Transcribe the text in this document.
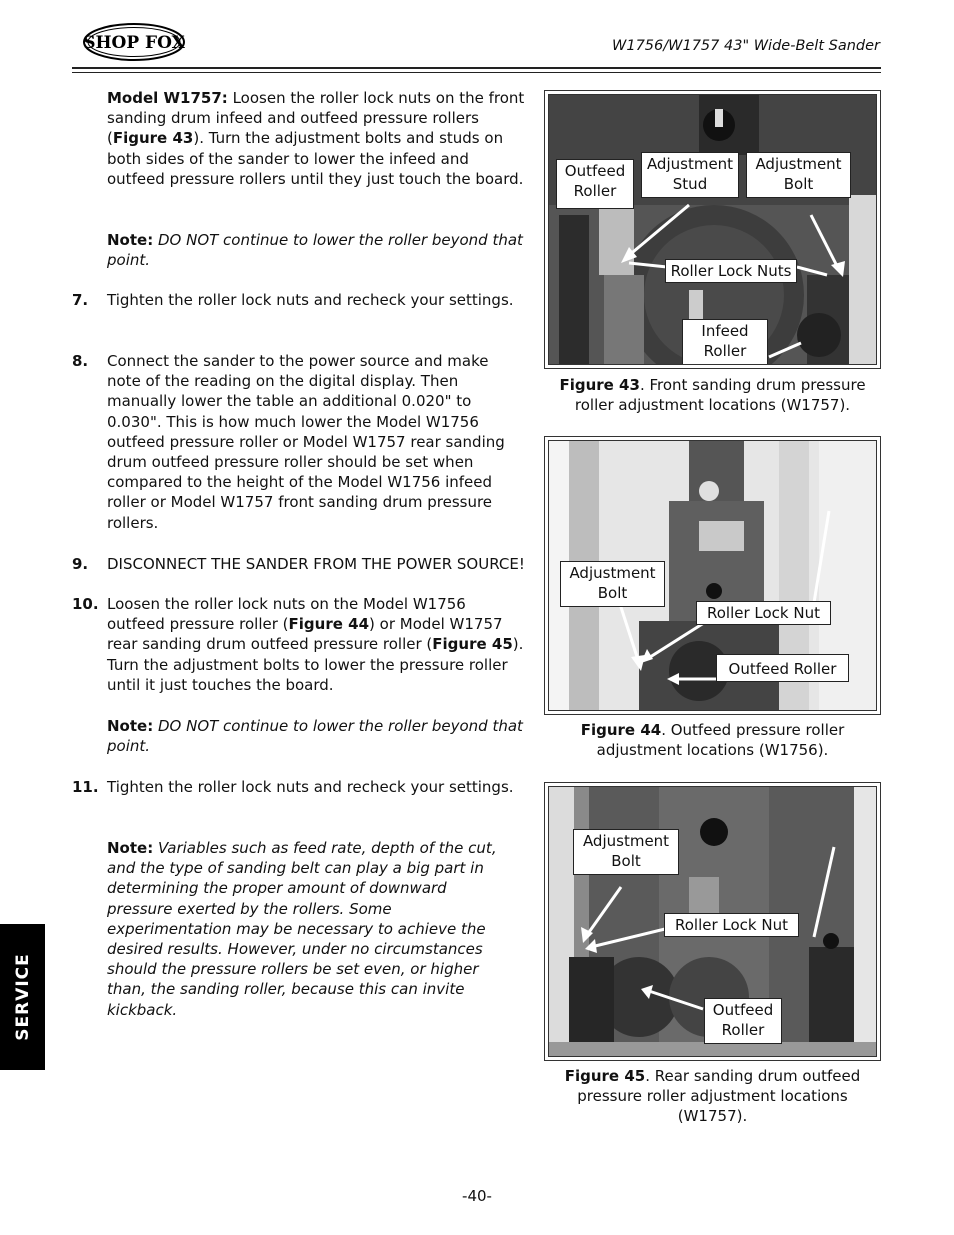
SHOP FOX	W1756/W1757 43" Wide-Belt Sander
Model W1757: Loosen the roller lock nuts on the front sanding drum infeed and outfeed pressure rollers (Figure 43). Turn the adjustment bolts and studs on both sides of the sander to lower the infeed and outfeed pressure rollers until they just touch the board.
Note: DO NOT continue to lower the roller beyond that point.
7. Tighten the roller lock nuts and recheck your settings.
8. Connect the sander to the power source and make note of the reading on the digital display. Then manually lower the table an additional 0.020" to 0.030". This is how much lower the Model W1756 outfeed pressure roller or Model W1757 rear sanding drum outfeed pressure roller should be set when compared to the height of the Model W1756 infeed roller or Model W1757 front sanding drum pressure rollers.
9. DISCONNECT THE SANDER FROM THE POWER SOURCE!
10. Loosen the roller lock nuts on the Model W1756 outfeed pressure roller (Figure 44) or Model W1757 rear sanding drum outfeed pressure roller (Figure 45). Turn the adjustment bolts to lower the pressure roller until it just touches the board.
Note: DO NOT continue to lower the roller beyond that point.
11. Tighten the roller lock nuts and recheck your settings.
Note: Variables such as feed rate, depth of the cut, and the type of sanding belt can play a big part in determining the proper amount of downward pressure exerted by the rollers. Some experimentation may be necessary to achieve the desired results. However, under no circumstances should the pressure rollers be set even, or higher than, the sanding roller, because this can invite kickback.
SERVICE
Outfeed Roller
Adjustment Stud
Adjustment Bolt
Roller Lock Nuts
Infeed Roller
Figure 43. Front sanding drum pressure roller adjustment locations (W1757).
Adjustment Bolt
Roller Lock Nut
Outfeed Roller
Figure 44. Outfeed pressure roller adjustment locations (W1756).
Adjustment Bolt
Roller Lock Nut
Outfeed Roller
Figure 45. Rear sanding drum outfeed pressure roller adjustment locations (W1757).
-40-
